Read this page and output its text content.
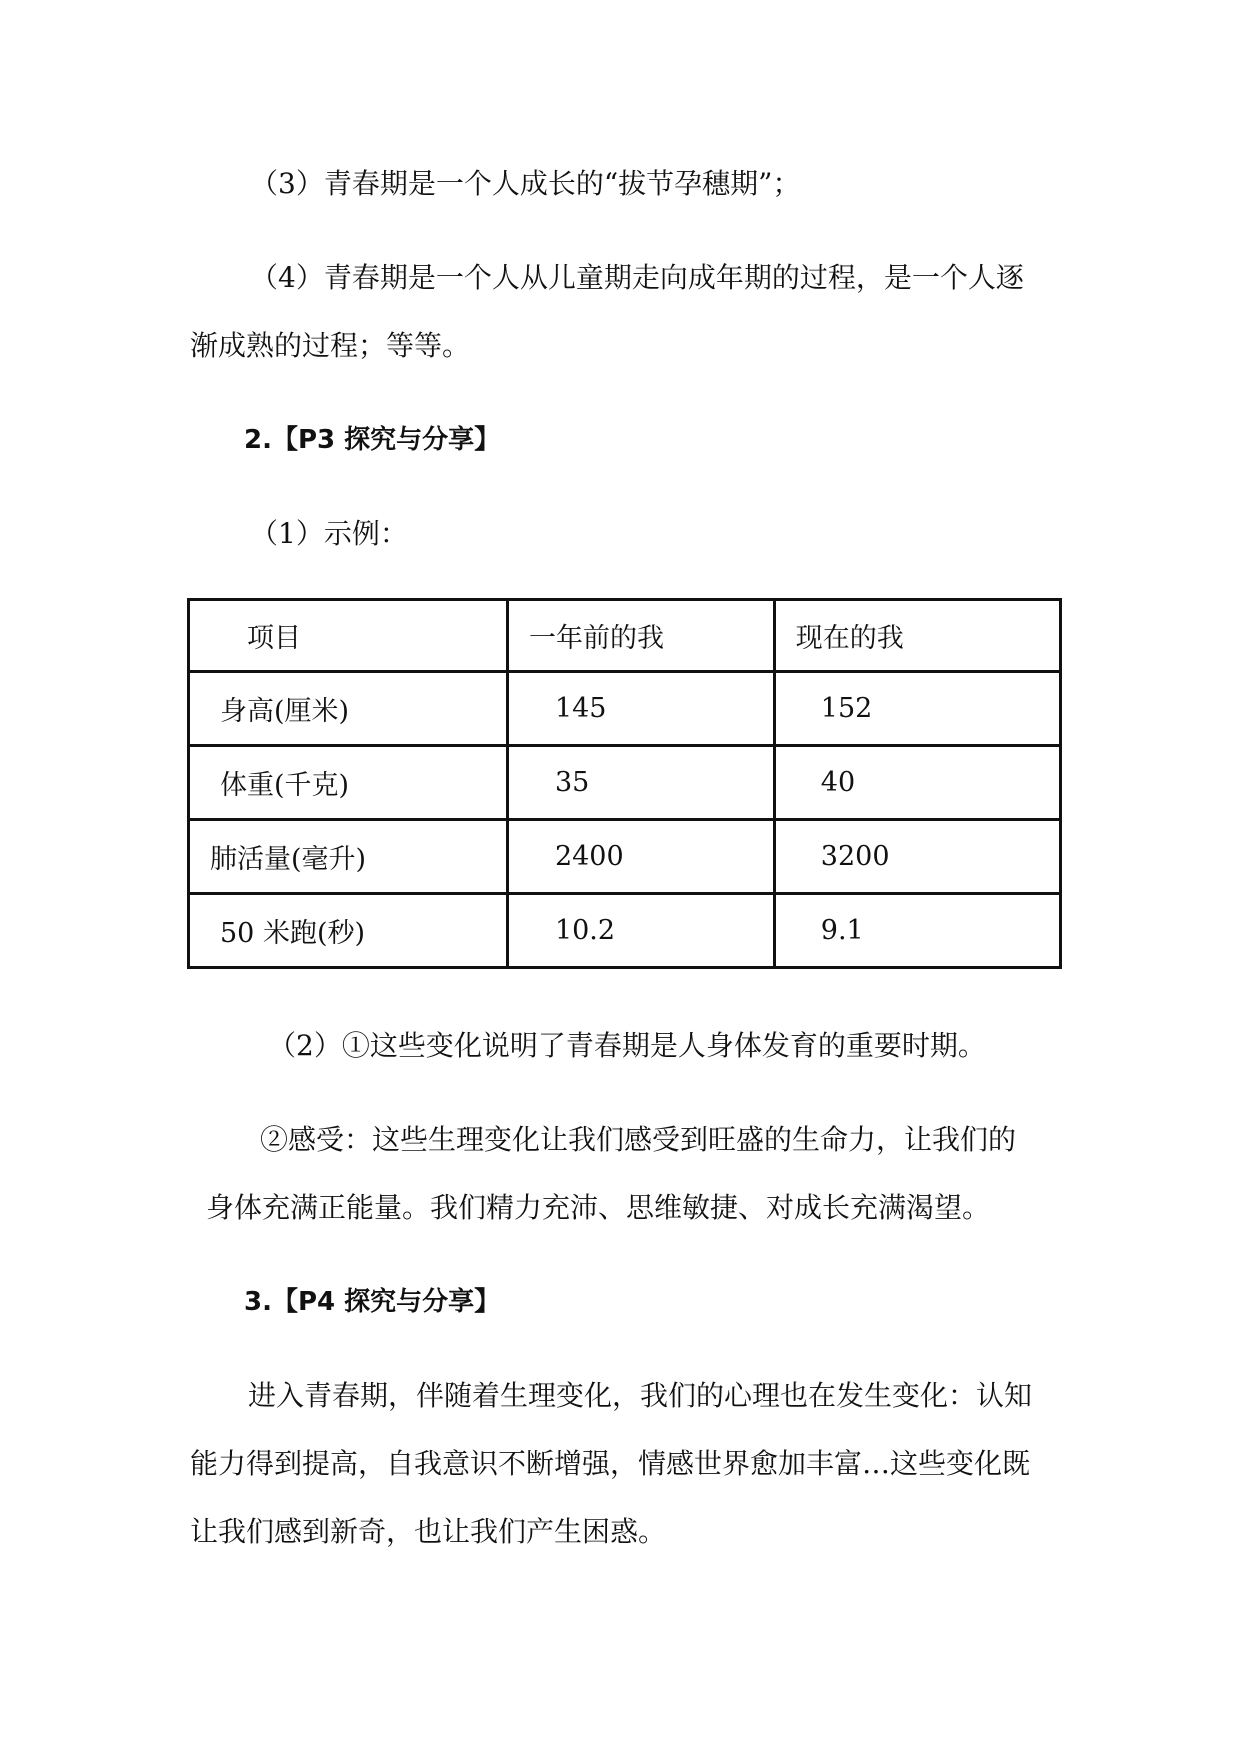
（3）青春期是一个人成长的“拔节孕穗期”；
（4）青春期是一个人从儿童期走向成年期的过程，是一个人逐
渐成熟的过程；等等。
2.【P3 探究与分享】
（1）示例：
项目	一年前的我	现在的我
身高(厘米)	145	152
体重(千克)	35	40
肺活量(毫升)	2400	3200
50 米跑(秒)	10.2	9.1
（2）①这些变化说明了青春期是人身体发育的重要时期。
②感受：这些生理变化让我们感受到旺盛的生命力，让我们的
身体充满正能量。我们精力充沛、思维敏捷、对成长充满渴望。
3.【P4 探究与分享】
进入青春期，伴随着生理变化，我们的心理也在发生变化：认知
能力得到提高，自我意识不断增强，情感世界愈加丰富…这些变化既
让我们感到新奇，也让我们产生困惑。
